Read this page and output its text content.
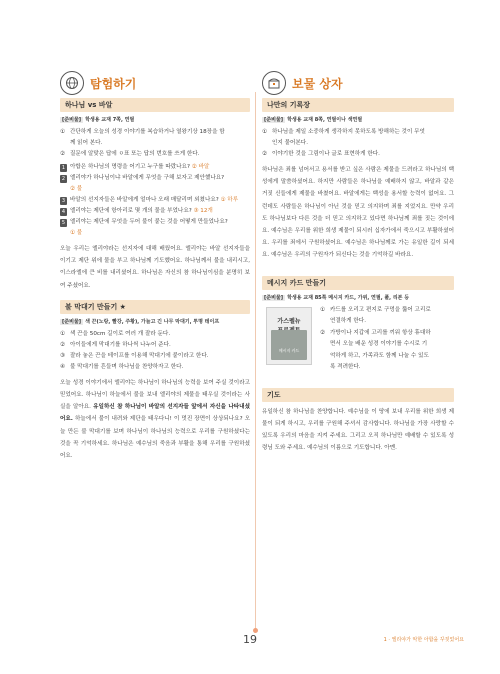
탐험하기	보물 상자
하나님 vs 바알
[준비물] 학생용 교재 7쪽, 연필
① 간단하게 오늘의 성경 이야기를 복습하거나 열왕기상 18장을 함
께 읽어 본다.
② 질문에 알맞은 답에 ㅇ표 또는 답의 번호를 쓰게 한다.
1 아합은 하나님의 명령을 어기고 누구를 따랐나요? ② 바알
2 엘리야가 하나님이냐 바알에게 무엇을 구해 보자고 제안했나요?
② 불
3 바알의 선지자들은 바알에게 얼마나 오래 매달리며 외쳤나요? ① 하루
4 엘리야는 제단에 항아리로 몇 개의 물을 부었나요? ③ 12개
5 엘리야는 제단에 무엇을 두어 불이 붙는 것을 어떻게 만들었나요?
① 불

오늘 우리는 엘리야라는 선지자에 대해 배웠어요. 엘리야는 바알 선지자들을 이기고 제단 위에 물을 부고 하나님께 기도했어요. 하나님께서 불을 내리시고, 이스라엘에 큰 비를 내리셨어요. 하나님은 자신의 참 하나님이심을 분명히 보여 주셨어요.

불 막대기 만들기 ★
[준비물] 색 끈(노랑, 빨강, 주황), 가늘고 긴 나무 막대기, 투명 테이프
① 색 끈을 50cm 길이로 여러 개 잘라 둔다.
② 아이들에게 막대기를 하나씩 나누어 준다.
③ 잘라 놓은 끈을 테이프를 이용해 막대기에 붙이라고 한다.
④ 불 막대기를 흔들며 하나님을 찬양하자고 한다.

오늘 성경 이야기에서 엘리야는 하나님이 하나님의 능력을 보여 주실 것이라고 믿었어요. 하나님이 하늘에서 불을 보내 엘리야의 제물을 태우실 것이라는 사실을 알아요. 유일하신 참 하나님이 바알의 선지자들 앞에서 자신을 나타내셨어요. 하늘에서 불이 내려와 제단을 태우다니! 이 멋진 장면이 상상되나요? 오늘 만든 불 막대기를 보며 하나님이 하나님의 능력으로 우리를 구원하셨다는 것을 꼭 기억하세요. 하나님은 예수님의 죽음과 부활을 통해 우리를 구원하셨어요.

나만의 기록장
[준비물] 학생용 교재 8쪽, 연필이나 색연필
① 하나님을 제일 소중하게 생각하지 못하도록 방해하는 것이 무엇
인지 물어본다.
② 이야기한 것을 그림이나 글로 표현하게 한다.

하나님은 죄를 넘어서고 용서를 받고 싶은 사람은 제물을 드려라고 하나님의 백성에게 말씀하셨어요. 하지만 사람들은 하나님을 예배하지 않고, 바알과 같은 거짓 신들에게 제물을 바쳤어요. 바알에게는 백성을 용서할 능력이 없어요. 그런데도 사람들은 하나님이 아닌 것을 믿고 의지하며 죄를 지었지요. 만약 우리도 하나님보다 다른 것을 더 믿고 의지하고 있다면 하나님께 죄를 짓는 것이에요. 예수님은 우리를 위한 희생 제물이 되시러 십자가에서 죽으시고 부활하셨어요. 우리를 죄에서 구원하셨어요. 예수님은 하나님께로 가는 유일한 길이 되세요. 예수님은 우리의 구원자가 되신다는 것을 기억하길 바라요.

메시지 카드 만들기
[준비물] 학생용 교재 85쪽 메시지 카드, 가위, 연필, 풀, 리본 등
가스펠뉴

메시지 카드
① 카드를 오리고 편지로 구멍을 뚫어 고리로
연결하게 한다.
② 가방이나 지갑에 고리를 끼워 항상 휴대하
면서 오늘 배운 성경 이야기를 수시로 기
억하게 하고, 가족과도 함께 나눌 수 있도
록 격려한다.
기도

유일하신 참 하나님을 찬양합니다. 예수님을 이 땅에 보내 우리를 위한 희생 제물이 되게 하시고, 우리를 구원해 주셔서 감사합니다. 하나님을 가장 사랑할 수 있도록 우리의 마음을 지켜 주세요. 그리고 오직 하나님만 예배할 수 있도록 성령님 도와 주세요. 예수님의 이름으로 기도합니다. 아멘.

19	1 · 엘리야가 악한 아합을 꾸짖었어요
